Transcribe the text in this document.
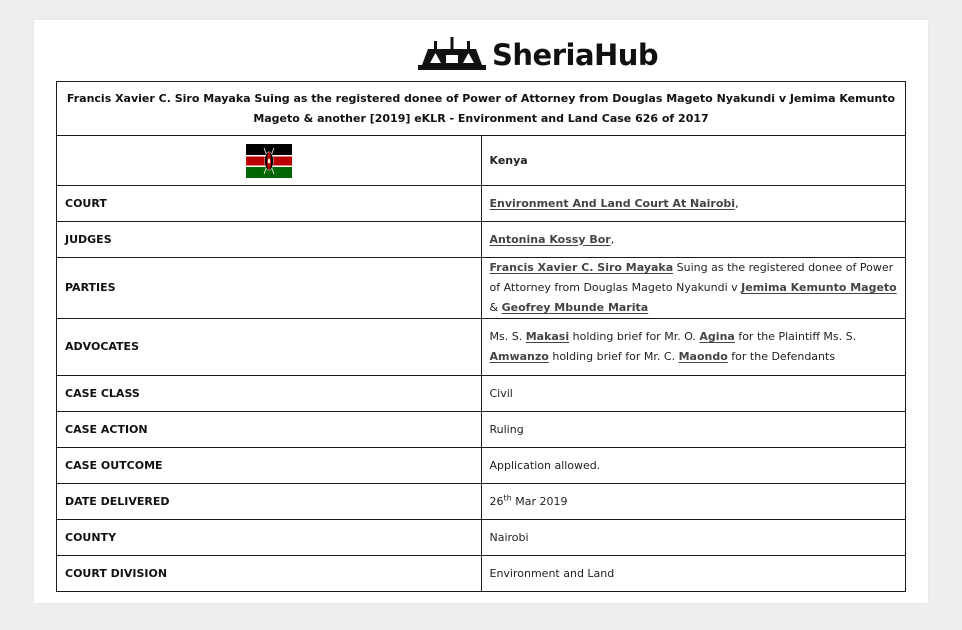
SheriaHub
Francis Xavier C. Siro Mayaka Suing as the registered donee of Power of Attorney from Douglas Mageto Nyakundi v Jemima Kemunto Mageto & another [2019] eKLR - Environment and Land Case 626 of 2017	
	Kenya
COURT	Environment And Land Court At Nairobi,
JUDGES	Antonina Kossy Bor,
PARTIES	Francis Xavier C. Siro Mayaka Suing as the registered donee of Power of Attorney from Douglas Mageto Nyakundi v Jemima Kemunto Mageto & Geofrey Mbunde Marita
ADVOCATES	Ms. S. Makasi holding brief for Mr. O. Agina for the Plaintiff Ms. S. Amwanzo holding brief for Mr. C. Maondo for the Defendants
CASE CLASS	Civil
CASE ACTION	Ruling
CASE OUTCOME	Application allowed.
DATE DELIVERED	26th Mar 2019
COUNTY	Nairobi
COURT DIVISION	Environment and Land
